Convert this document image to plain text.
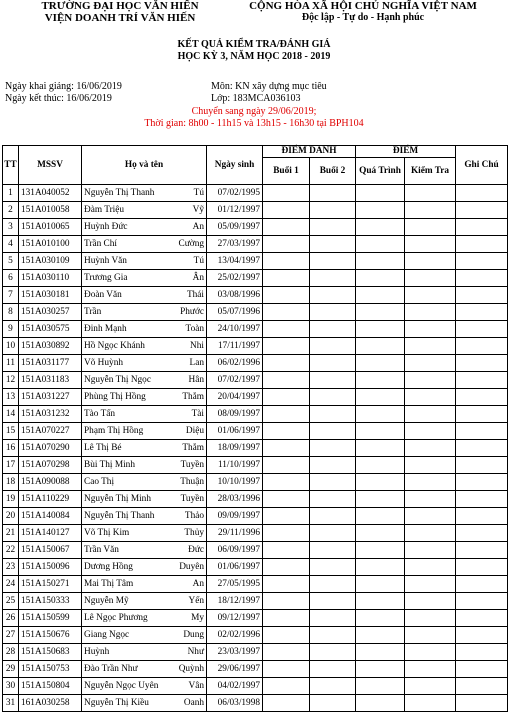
TRƯỜNG ĐẠI HỌC VĂN HIẾN
VIỆN DOANH TRÍ VĂN HIẾN
CỘNG HÒA XÃ HỘI CHỦ NGHĨA VIỆT NAM
Độc lập - Tự do - Hạnh phúc
KẾT QUẢ KIỂM TRA/ĐÁNH GIÁ
HỌC KỲ 3, NĂM HỌC 2018 - 2019
Ngày khai giảng: 16/06/2019
Ngày kết thúc: 16/06/2019
Môn: KN xây dựng mục tiêu
Lớp: 183MCA036103
Chuyển sang ngày 29/06/2019;
Thời gian: 8h00 - 11h15 và 13h15 - 16h30 tại BPH104
TT	MSSV	Họ và tên	Ngày sinh	ĐIỂM DANH		ĐIỂM		Ghi Chú
				Buổi 1	Buổi 2	Quá Trình	Kiểm Tra	
1	131A040052	Nguyễn Thị Thanh Tú	07/02/1995					
2	151A010058	Đàm Triệu Vỹ	01/12/1997					
3	151A010065	Huỳnh Đức An	05/09/1997					
4	151A010100	Trần Chí Cường	27/03/1997					
5	151A030109	Huỳnh Văn Tú	13/04/1997					
6	151A030110	Trương Gia Ân	25/02/1997					
7	151A030181	Đoàn Văn Thái	03/08/1996					
8	151A030257	Trần Phước	05/07/1996					
9	151A030575	Đinh Mạnh Toàn	24/10/1997					
10	151A030892	Hồ Ngọc Khánh Nhi	17/11/1997					
11	151A031177	Võ Huỳnh Lan	06/02/1996					
12	151A031183	Nguyễn Thị Ngọc Hân	07/02/1997					
13	151A031227	Phùng Thị Hồng Thắm	20/04/1997					
14	151A031232	Tào Tấn Tài	08/09/1997					
15	151A070227	Phạm Thị Hồng Diệu	01/06/1997					
16	151A070290	Lê Thị Bé Thắm	18/09/1997					
17	151A070298	Bùi Thị Minh Tuyền	11/10/1997					
18	151A090088	Cao Thị Thuận	10/10/1997					
19	151A110229	Nguyễn Thị Minh Tuyền	28/03/1996					
20	151A140084	Nguyễn Thị Thanh Thảo	09/09/1997					
21	151A140127	Võ Thị Kim Thủy	29/11/1996					
22	151A150067	Trần Văn Đức	06/09/1997					
23	151A150096	Dương Hồng Duyên	01/06/1997					
24	151A150271	Mai Thị Tâm An	27/05/1995					
25	151A150333	Nguyễn Mỹ Yến	18/12/1997					
26	151A150599	Lê Ngọc Phương My	09/12/1997					
27	151A150676	Giang Ngọc Dung	02/02/1996					
28	151A150683	Huỳnh Như	23/03/1997					
29	151A150753	Đào Trần Như Quỳnh	29/06/1997					
30	151A150804	Nguyễn Ngọc Uyên Vân	04/02/1997					
31	161A030258	Nguyễn Thị Kiều Oanh	06/03/1998					
